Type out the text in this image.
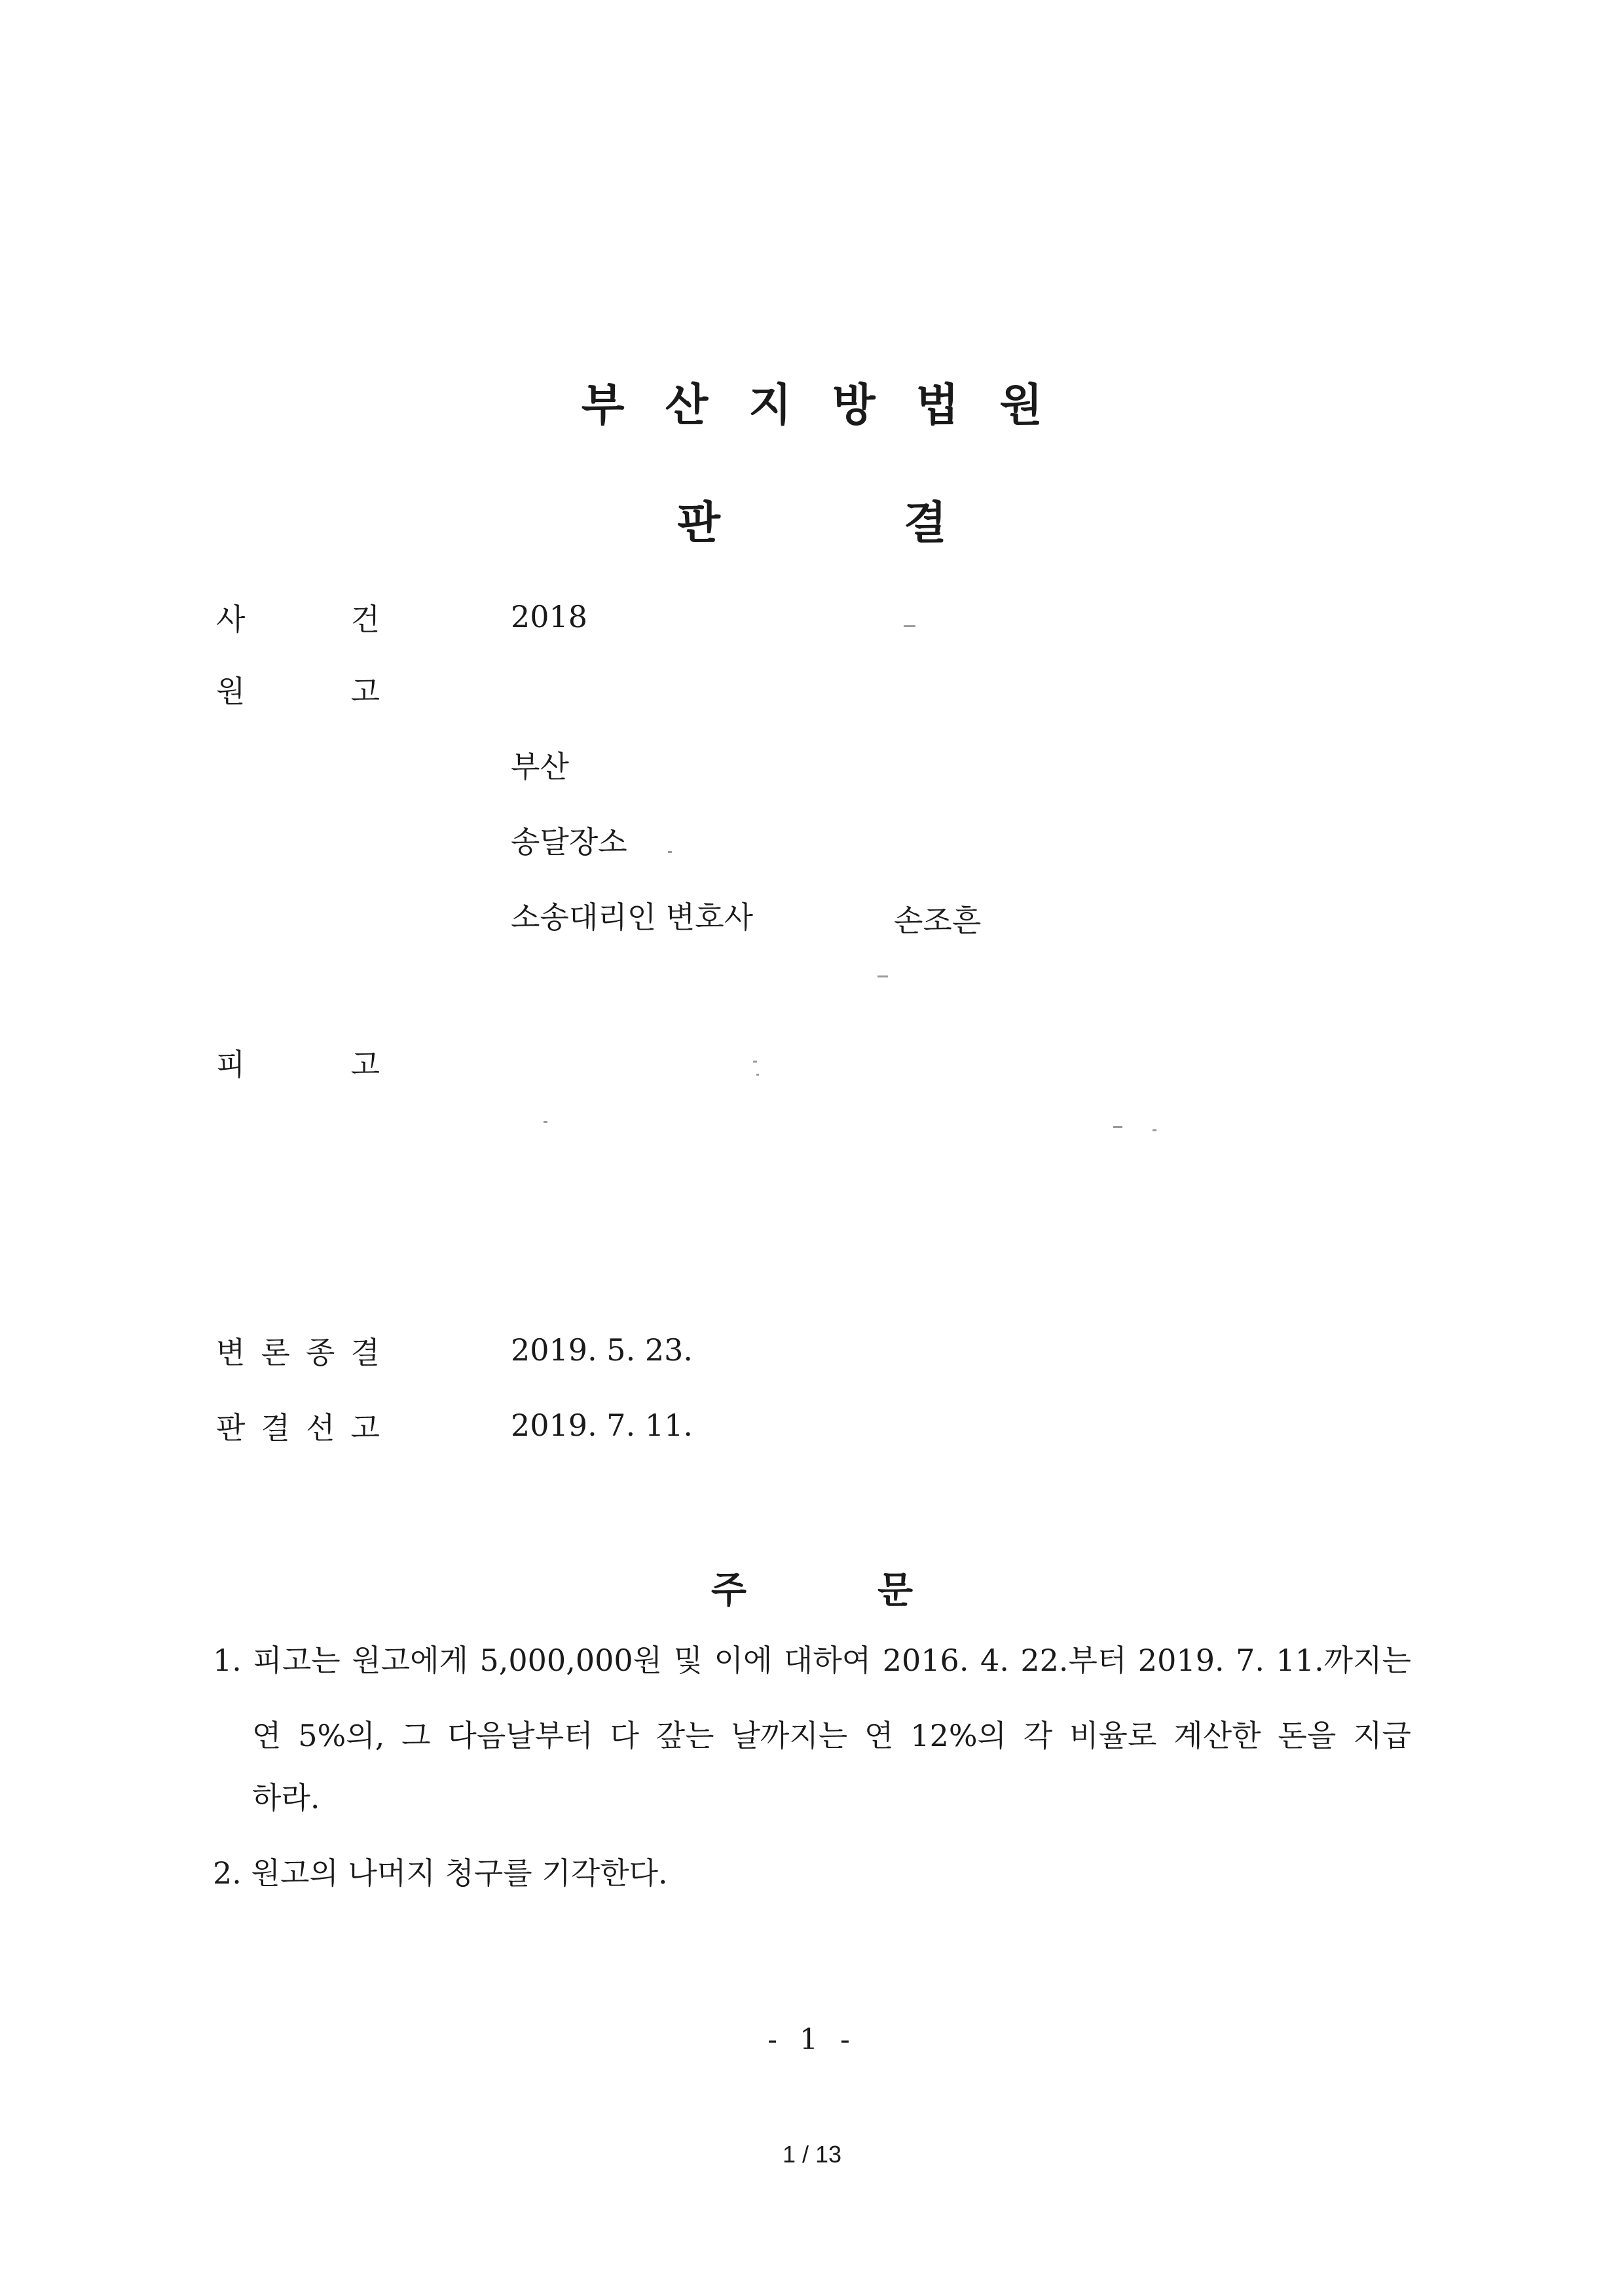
부산지방법원
판	결
사	건	2018
원	고
부산
송달장소
소송대리인 변호사	손조흔
피	고
변 론 종 결	2019. 5. 23.
판 결 선 고	2019. 7. 11.
주	문
1. 피고는 원고에게 5,000,000원 및 이에 대하여 2016. 4. 22.부터 2019. 7. 11.까지는
연 5%의, 그 다음날부터 다 갚는 날까지는 연 12%의 각 비율로 계산한 돈을 지급
하라.
2. 원고의 나머지 청구를 기각한다.
- 1 -
1 / 13
